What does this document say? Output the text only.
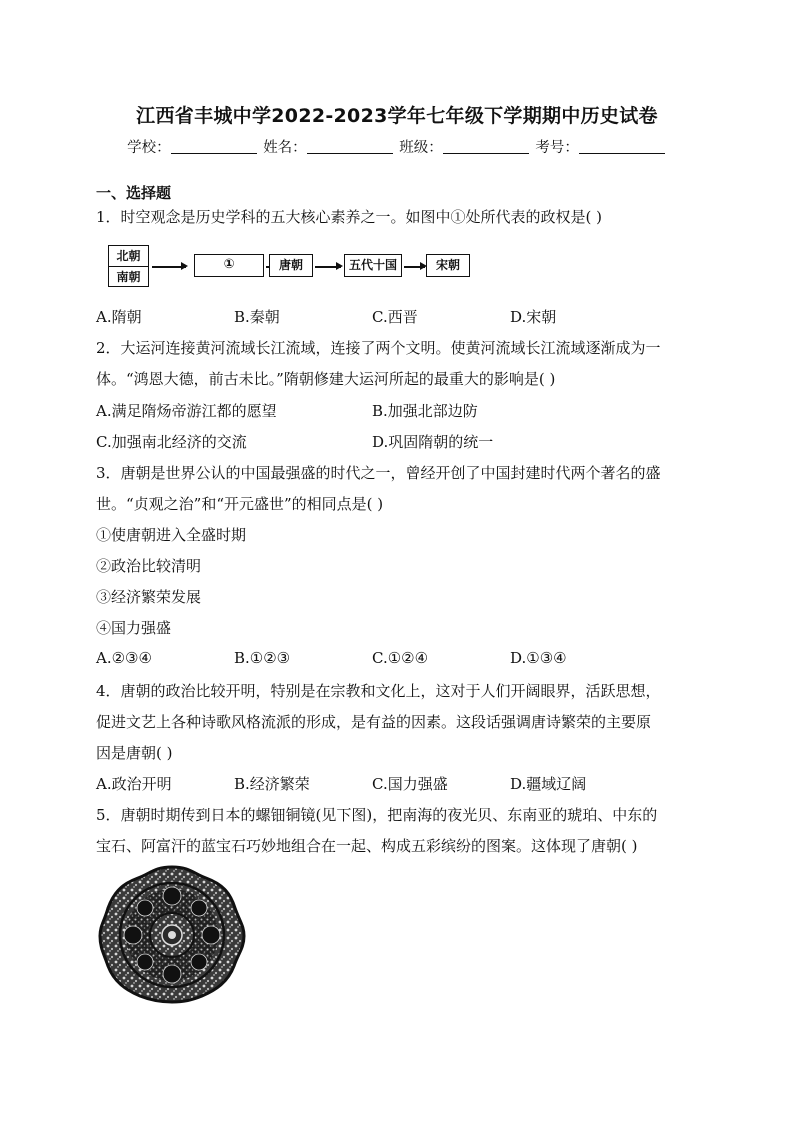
江西省丰城中学2022-2023学年七年级下学期期中历史试卷
学校：	姓名：	班级：	考号：
一、选择题
1．时空观念是历史学科的五大核心素养之一。如图中①处所代表的政权是( )
北朝
南朝
①	唐朝	五代十国	宋朝
A.隋朝	B.秦朝	C.西晋	D.宋朝
2．大运河连接黄河流域长江流域，连接了两个文明。使黄河流域长江流域逐渐成为一
体。“鸿恩大德，前古未比。”隋朝修建大运河所起的最重大的影响是( )
A.满足隋炀帝游江都的愿望	B.加强北部边防
C.加强南北经济的交流	D.巩固隋朝的统一
3．唐朝是世界公认的中国最强盛的时代之一，曾经开创了中国封建时代两个著名的盛
世。“贞观之治”和“开元盛世”的相同点是( )
①使唐朝进入全盛时期
②政治比较清明
③经济繁荣发展
④国力强盛
A.②③④	B.①②③	C.①②④	D.①③④
4．唐朝的政治比较开明，特别是在宗教和文化上，这对于人们开阔眼界，活跃思想，
促进文艺上各种诗歌风格流派的形成，是有益的因素。这段话强调唐诗繁荣的主要原
因是唐朝( )
A.政治开明	B.经济繁荣	C.国力强盛	D.疆域辽阔
5．唐朝时期传到日本的螺钿铜镜(见下图)，把南海的夜光贝、东南亚的琥珀、中东的
宝石、阿富汗的蓝宝石巧妙地组合在一起、构成五彩缤纷的图案。这体现了唐朝( )
